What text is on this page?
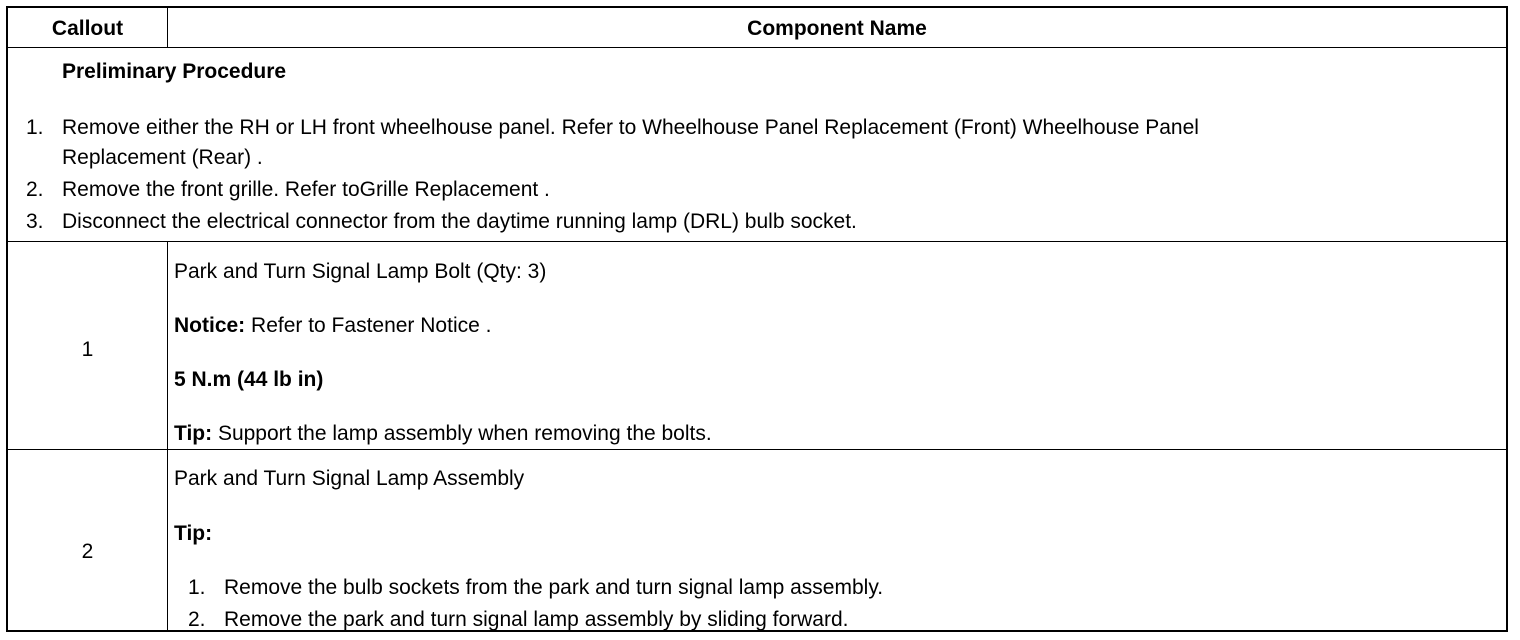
Callout	Component Name
Preliminary Procedure
1. Remove either the RH or LH front wheelhouse panel. Refer to Wheelhouse Panel Replacement (Front) Wheelhouse Panel
Replacement (Rear) .
2. Remove the front grille. Refer toGrille Replacement .
3. Disconnect the electrical connector from the daytime running lamp (DRL) bulb socket.
1
Park and Turn Signal Lamp Bolt (Qty: 3)
Notice: Refer to Fastener Notice .
5 N.m (44 lb in)
Tip: Support the lamp assembly when removing the bolts.
2
Park and Turn Signal Lamp Assembly
Tip:
1. Remove the bulb sockets from the park and turn signal lamp assembly.
2. Remove the park and turn signal lamp assembly by sliding forward.
